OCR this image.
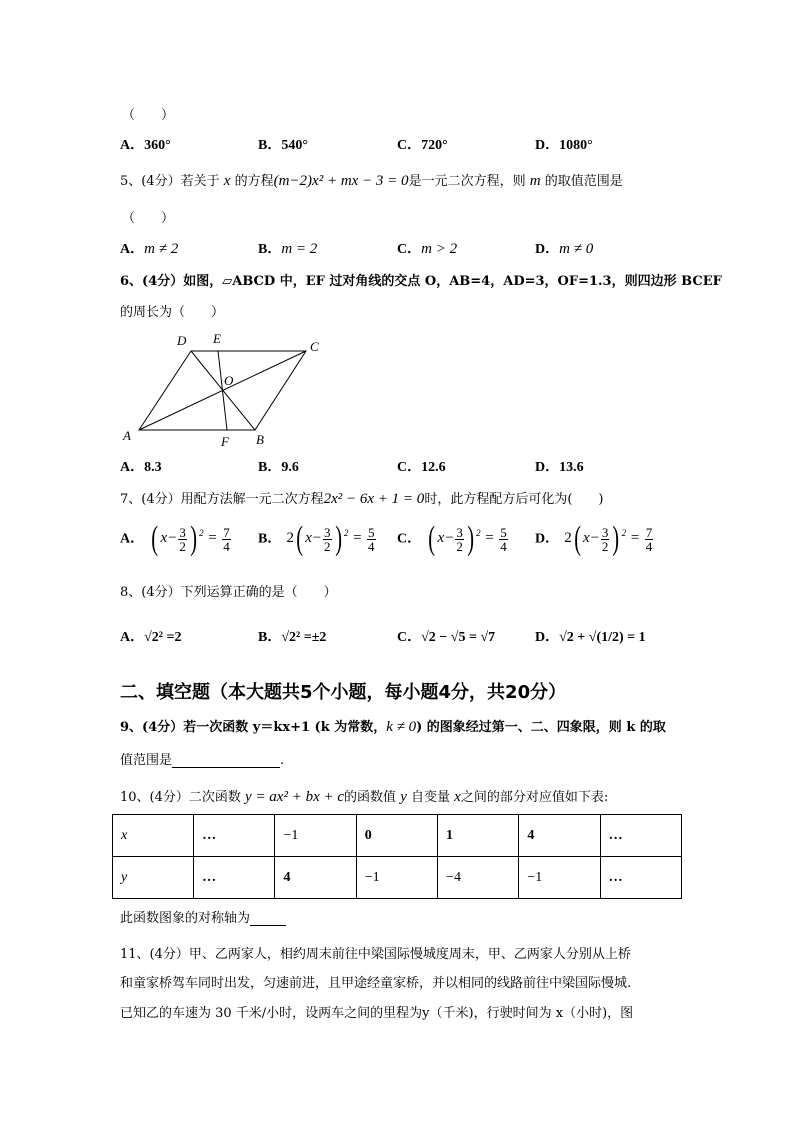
（　　）
A．360°	B．540°	C．720°	D．1080°
5、(4分）若关于 x 的方程(m−2)x² + mx − 3 = 0是一元二次方程，则 m 的取值范围是
（　　）
A．m ≠ 2	B．m = 2	C．m > 2	D．m ≠ 0
6、(4分）如图，▱ABCD 中，EF 过对角线的交点 O，AB=4，AD=3，OF=1.3，则四边形 BCEF
的周长为（　　）
A	B
C
D E
F
O
A．8.3	B．9.6	C．12.6	D．13.6
7、(4分）用配方法解一元二次方程2x² − 6x + 1 = 0时，此方程配方后可化为(　　)
A． ( $x- \frac{3}{2}$ ) $^2 = \frac{7}{4}$ B． 2( $x- \frac{3}{2}$ ) $^2 = \frac{5}{4}$ C． ( $x- \frac{3}{2}$ ) $^2 = \frac{5}{4}$ D． 2( $x- \frac{3}{2}$ ) $^2 = \frac{7}{4}$
8、(4分）下列运算正确的是（　　）
A．√2² =2	B．√2² =±2	C．√2 − √5 = √7	D．√2 + √(1/2) = 1
二、填空题（本大题共5个小题，每小题4分，共20分）
9、(4分）若一次函数 y＝kx+1 (k 为常数，k ≠ 0) 的图象经过第一、二、四象限，则 k 的取
值范围是	.
10、(4分）二次函数 y = ax² + bx + c的函数值 y 自变量 x之间的部分对应值如下表:
x	…	−1	0	1	4	…
y	…	4	−1	−4	−1	…
此函数图象的对称轴为
11、(4分）甲、乙两家人，相约周末前往中梁国际慢城度周末，甲、乙两家人分别从上桥
和童家桥驾车同时出发，匀速前进，且甲途经童家桥，并以相同的线路前往中梁国际慢城.
已知乙的车速为 30 千米/小时，设两车之间的里程为y（千米)，行驶时间为 x（小时)，图
